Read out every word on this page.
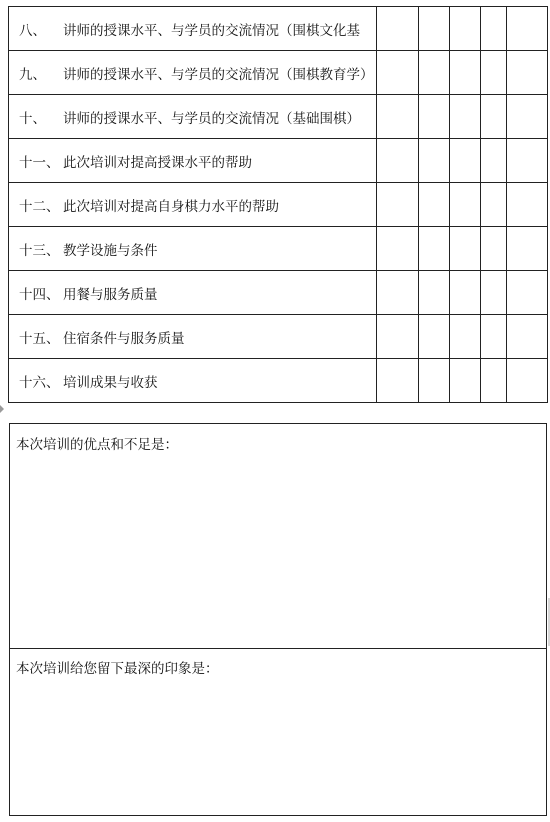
八、 讲师的授课水平、与学员的交流情况（围棋文化基					
九、 讲师的授课水平、与学员的交流情况（围棋教育学）					
十、 讲师的授课水平、与学员的交流情况（基础围棋）					
十一、 此次培训对提高授课水平的帮助					
十二、 此次培训对提高自身棋力水平的帮助					
十三、 教学设施与条件					
十四、 用餐与服务质量					
十五、 住宿条件与服务质量					
十六、 培训成果与收获					
本次培训的优点和不足是：
本次培训给您留下最深的印象是：
